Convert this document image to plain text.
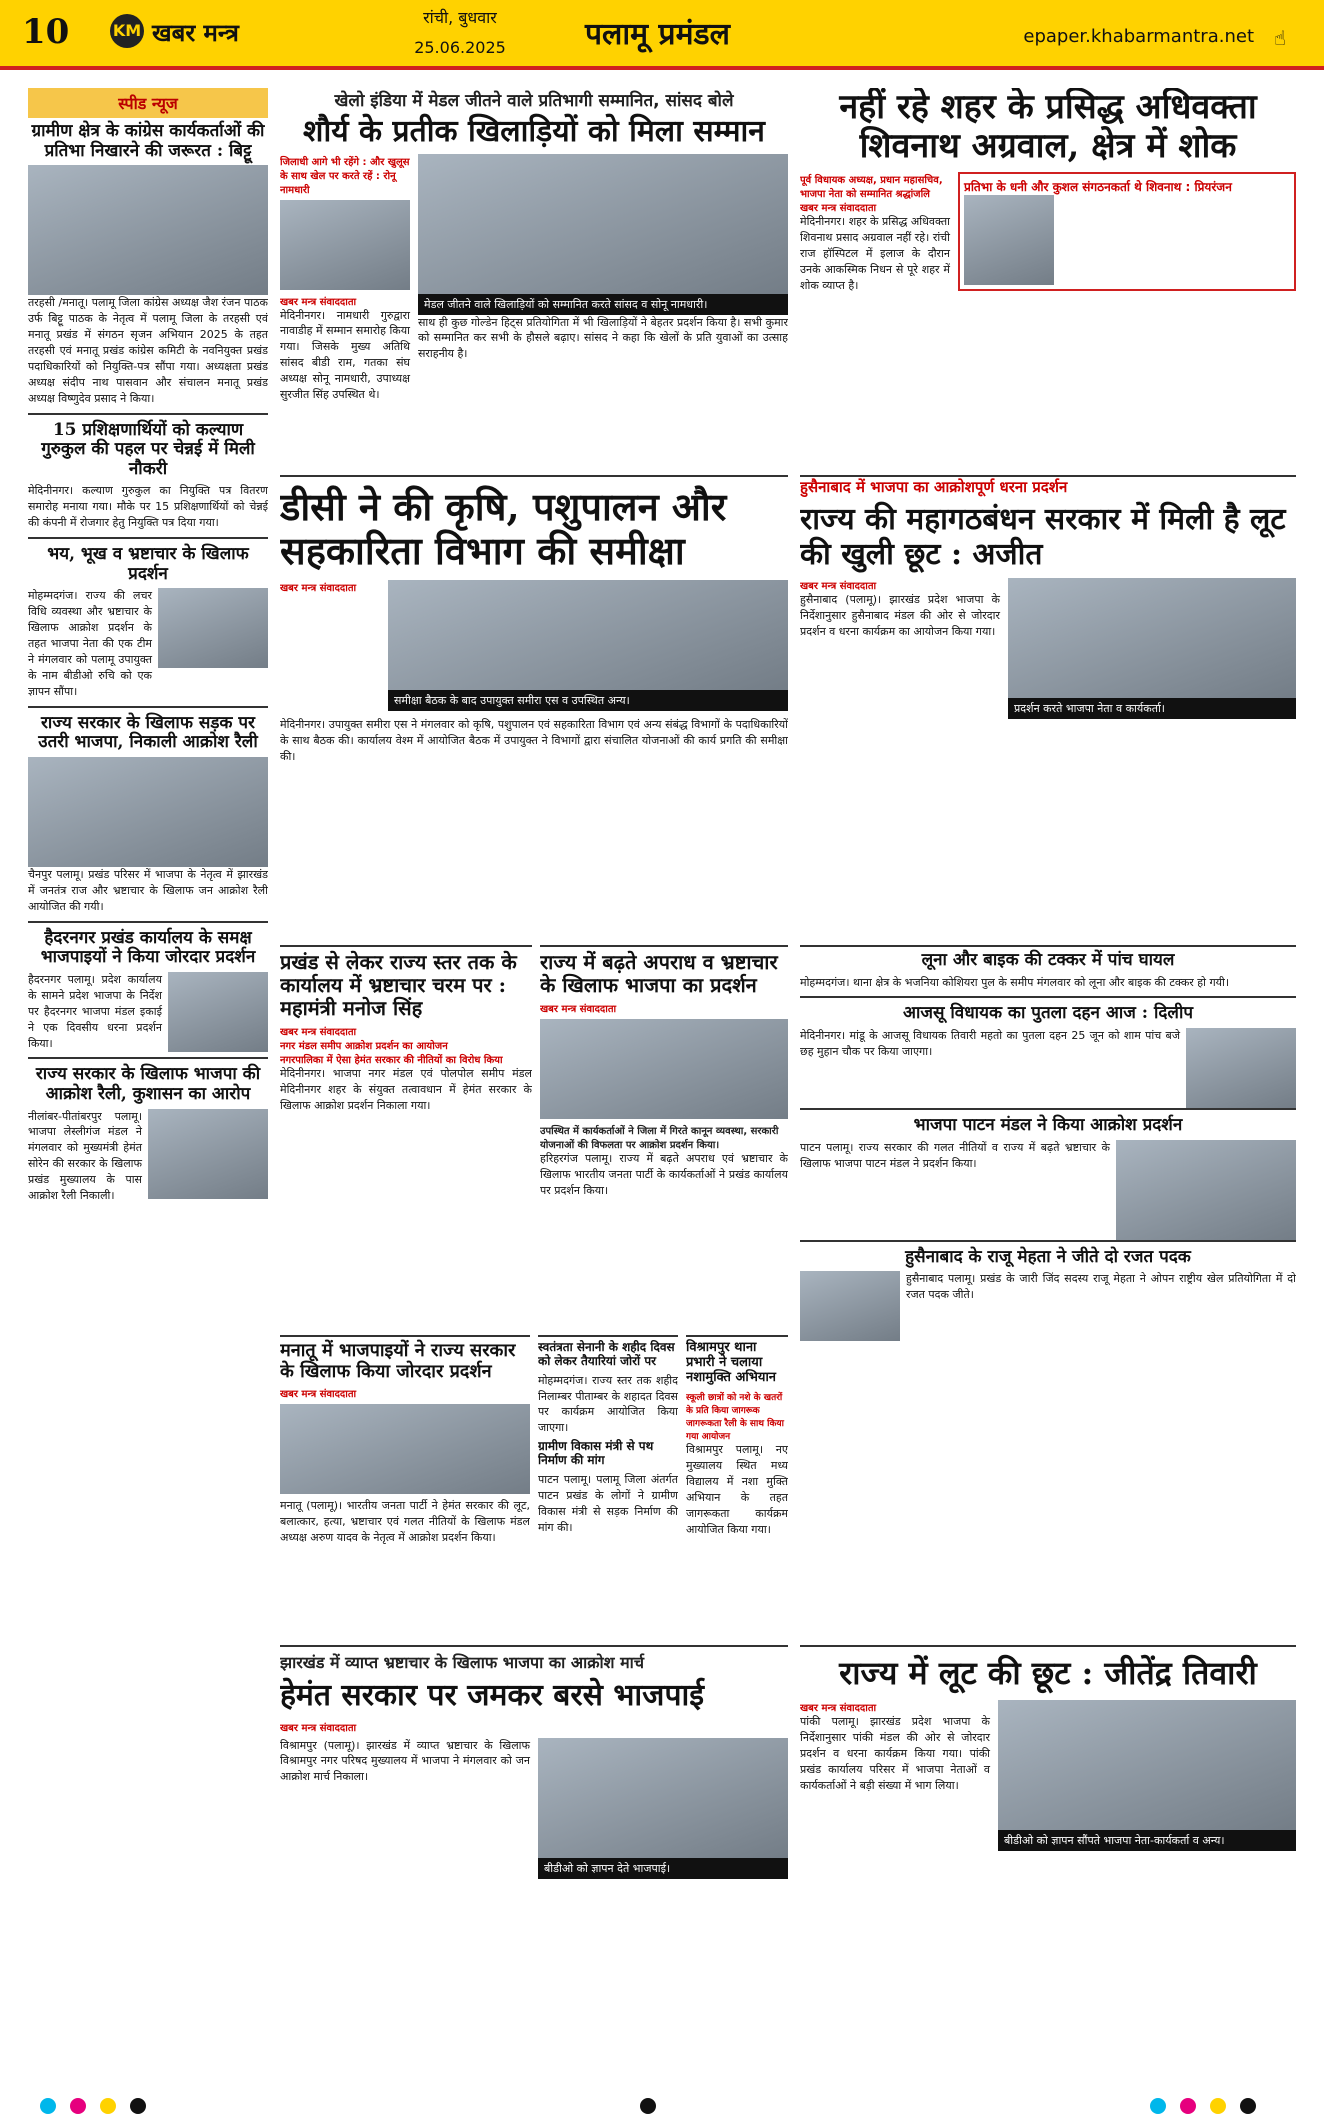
10	KM खबर मन्त्र
रांची, बुधवार
25.06.2025	पलामू प्रमंडल	epaper.khabarmantra.net ☝
स्पीड न्यूज
ग्रामीण क्षेत्र के कांग्रेस कार्यकर्ताओं की प्रतिभा निखारने की जरूरत : बिट्टू

तरहसी /मनातू। पलामू जिला कांग्रेस अध्यक्ष जैश रंजन पाठक उर्फ बिट्टू पाठक के नेतृत्व में पलामू जिला के तरहसी एवं मनातू प्रखंड में संगठन सृजन अभियान 2025 के तहत तरहसी एवं मनातू प्रखंड कांग्रेस कमिटी के नवनियुक्त प्रखंड पदाधिकारियों को नियुक्ति-पत्र सौंपा गया। अध्यक्षता प्रखंड अध्यक्ष संदीप नाथ पासवान और संचालन मनातू प्रखंड अध्यक्ष विष्णुदेव प्रसाद ने किया।

15 प्रशिक्षणार्थियों को कल्याण गुरुकुल की पहल पर चेन्नई में मिली नौकरी

मेदिनीनगर। कल्याण गुरुकुल का नियुक्ति पत्र वितरण समारोह मनाया गया। मौके पर 15 प्रशिक्षणार्थियों को चेन्नई की कंपनी में रोजगार हेतु नियुक्ति पत्र दिया गया।

भय, भूख व भ्रष्टाचार के खिलाफ प्रदर्शन

मोहम्मदगंज। राज्य की लचर विधि व्यवस्था और भ्रष्टाचार के खिलाफ आक्रोश प्रदर्शन के तहत भाजपा नेता की एक टीम ने मंगलवार को पलामू उपायुक्त के नाम बीडीओ रुचि को एक ज्ञापन सौंपा।

राज्य सरकार के खिलाफ सड़क पर उतरी भाजपा, निकाली आक्रोश रैली

चैनपुर पलामू। प्रखंड परिसर में भाजपा के नेतृत्व में झारखंड में जनतंत्र राज और भ्रष्टाचार के खिलाफ जन आक्रोश रैली आयोजित की गयी।

हैदरनगर प्रखंड कार्यालय के समक्ष भाजपाइयों ने किया जोरदार प्रदर्शन

हैदरनगर पलामू। प्रदेश कार्यालय के सामने प्रदेश भाजपा के निर्देश पर हैदरनगर भाजपा मंडल इकाई ने एक दिवसीय धरना प्रदर्शन किया।

राज्य सरकार के खिलाफ भाजपा की आक्रोश रैली, कुशासन का आरोप

नीलांबर-पीतांबरपुर पलामू। भाजपा लेस्लीगंज मंडल ने मंगलवार को मुख्यमंत्री हेमंत सोरेन की सरकार के खिलाफ प्रखंड मुख्यालय के पास आक्रोश रैली निकाली।

खेलो इंडिया में मेडल जीतने वाले प्रतिभागी सम्मानित, सांसद बोले
शौर्य के प्रतीक खिलाड़ियों को मिला सम्मान
जिलाधी आगे भी रहेंगे : और खुलूस के साथ खेल पर करते रहें : रोनू नामधारी
खबर मन्त्र संवाददाता

मेदिनीनगर। नामधारी गुरुद्वारा नावाडीह में सम्मान समारोह किया गया। जिसके मुख्य अतिथि सांसद बीडी राम, गतका संघ अध्यक्ष सोनू नामधारी, उपाध्यक्ष सुरजीत सिंह उपस्थित थे।

मेडल जीतने वाले खिलाड़ियों को सम्मानित करते सांसद व सोनू नामधारी।

साथ ही कुछ गोल्डेन हिट्स प्रतियोगिता में भी खिलाड़ियों ने बेहतर प्रदर्शन किया है। सभी कुमार को सम्मानित कर सभी के हौसले बढ़ाए। सांसद ने कहा कि खेलों के प्रति युवाओं का उत्साह सराहनीय है।

डीसी ने की कृषि, पशुपालन और सहकारिता विभाग की समीक्षा
खबर मन्त्र संवाददाता
समीक्षा बैठक के बाद उपायुक्त समीरा एस व उपस्थित अन्य।

मेदिनीनगर। उपायुक्त समीरा एस ने मंगलवार को कृषि, पशुपालन एवं सहकारिता विभाग एवं अन्य संबंद्ध विभागों के पदाधिकारियों के साथ बैठक की। कार्यालय वेश्म में आयोजित बैठक में उपायुक्त ने विभागों द्वारा संचालित योजनाओं की कार्य प्रगति की समीक्षा की।

प्रखंड से लेकर राज्य स्तर तक के कार्यालय में भ्रष्टाचार चरम पर : महामंत्री मनोज सिंह
खबर मन्त्र संवाददाता
नगर मंडल समीप आक्रोश प्रदर्शन का आयोजन
नगरपालिका में ऐसा हेमंत सरकार की नीतियों का विरोध किया

मेदिनीनगर। भाजपा नगर मंडल एवं पोलपोल समीप मंडल मेदिनीनगर शहर के संयुक्त तत्वावधान में हेमंत सरकार के खिलाफ आक्रोश प्रदर्शन निकाला गया।

राज्य में बढ़ते अपराध व भ्रष्टाचार के खिलाफ भाजपा का प्रदर्शन
खबर मन्त्र संवाददाता
उपस्थित में कार्यकर्ताओं ने जिला में गिरते कानून व्यवस्था, सरकारी योजनाओं की विफलता पर आक्रोश प्रदर्शन किया।

हरिहरगंज पलामू। राज्य में बढ़ते अपराध एवं भ्रष्टाचार के खिलाफ भारतीय जनता पार्टी के कार्यकर्ताओं ने प्रखंड कार्यालय पर प्रदर्शन किया।

मनातू में भाजपाइयों ने राज्य सरकार के खिलाफ किया जोरदार प्रदर्शन
खबर मन्त्र संवाददाता

मनातू (पलामू)। भारतीय जनता पार्टी ने हेमंत सरकार की लूट, बलात्कार, हत्या, भ्रष्टाचार एवं गलत नीतियों के खिलाफ मंडल अध्यक्ष अरुण यादव के नेतृत्व में आक्रोश प्रदर्शन किया।

स्वतंत्रता सेनानी के शहीद दिवस को लेकर तैयारियां जोरों पर

मोहम्मदगंज। राज्य स्तर तक शहीद निलाम्बर पीताम्बर के शहादत दिवस पर कार्यक्रम आयोजित किया जाएगा।

ग्रामीण विकास मंत्री से पथ निर्माण की मांग

पाटन पलामू। पलामू जिला अंतर्गत पाटन प्रखंड के लोगों ने ग्रामीण विकास मंत्री से सड़क निर्माण की मांग की।

विश्रामपुर थाना प्रभारी ने चलाया नशामुक्ति अभियान
स्कूली छात्रों को नशे के खतरों के प्रति किया जागरूक
जागरूकता रैली के साथ किया गया आयोजन

विश्रामपुर पलामू। नए मुख्यालय स्थित मध्य विद्यालय में नशा मुक्ति अभियान के तहत जागरूकता कार्यक्रम आयोजित किया गया।

झारखंड में व्याप्त भ्रष्टाचार के खिलाफ भाजपा का आक्रोश मार्च
हेमंत सरकार पर जमकर बरसे भाजपाई
खबर मन्त्र संवाददाता

विश्रामपुर (पलामू)। झारखंड में व्याप्त भ्रष्टाचार के खिलाफ विश्रामपुर नगर परिषद मुख्यालय में भाजपा ने मंगलवार को जन आक्रोश मार्च निकाला।

बीडीओ को ज्ञापन देते भाजपाई।
नहीं रहे शहर के प्रसिद्ध अधिवक्ता शिवनाथ अग्रवाल, क्षेत्र में शोक
पूर्व विधायक अध्यक्ष, प्रधान महासचिव, भाजपा नेता को सम्मानित श्रद्धांजलि
खबर मन्त्र संवाददाता

मेदिनीनगर। शहर के प्रसिद्ध अधिवक्ता शिवनाथ प्रसाद अग्रवाल नहीं रहे। रांची राज हॉस्पिटल में इलाज के दौरान उनके आकस्मिक निधन से पूरे शहर में शोक व्याप्त है।

प्रतिभा के धनी और कुशल संगठनकर्ता थे शिवनाथ : प्रियरंजन
हुसैनाबाद में भाजपा का आक्रोशपूर्ण धरना प्रदर्शन
राज्य की महागठबंधन सरकार में मिली है लूट की खुली छूट : अजीत
खबर मन्त्र संवाददाता

हुसैनाबाद (पलामू)। झारखंड प्रदेश भाजपा के निर्देशानुसार हुसैनाबाद मंडल की ओर से जोरदार प्रदर्शन व धरना कार्यक्रम का आयोजन किया गया।

प्रदर्शन करते भाजपा नेता व कार्यकर्ता।
लूना और बाइक की टक्कर में पांच घायल

मोहम्मदगंज। थाना क्षेत्र के भजनिया कोशियरा पुल के समीप मंगलवार को लूना और बाइक की टक्कर हो गयी।

आजसू विधायक का पुतला दहन आज : दिलीप

मेदिनीनगर। मांडू के आजसू विधायक तिवारी महतो का पुतला दहन 25 जून को शाम पांच बजे छह मुहान चौक पर किया जाएगा।

भाजपा पाटन मंडल ने किया आक्रोश प्रदर्शन

पाटन पलामू। राज्य सरकार की गलत नीतियों व राज्य में बढ़ते भ्रष्टाचार के खिलाफ भाजपा पाटन मंडल ने प्रदर्शन किया।

हुसैनाबाद के राजू मेहता ने जीते दो रजत पदक

हुसैनाबाद पलामू। प्रखंड के जारी जिंद सदस्य राजू मेहता ने ओपन राष्ट्रीय खेल प्रतियोगिता में दो रजत पदक जीते।

राज्य में लूट की छूट : जीतेंद्र तिवारी
खबर मन्त्र संवाददाता

पांकी पलामू। झारखंड प्रदेश भाजपा के निर्देशानुसार पांकी मंडल की ओर से जोरदार प्रदर्शन व धरना कार्यक्रम किया गया। पांकी प्रखंड कार्यालय परिसर में भाजपा नेताओं व कार्यकर्ताओं ने बड़ी संख्या में भाग लिया।

बीडीओ को ज्ञापन सौंपते भाजपा नेता-कार्यकर्ता व अन्य।
